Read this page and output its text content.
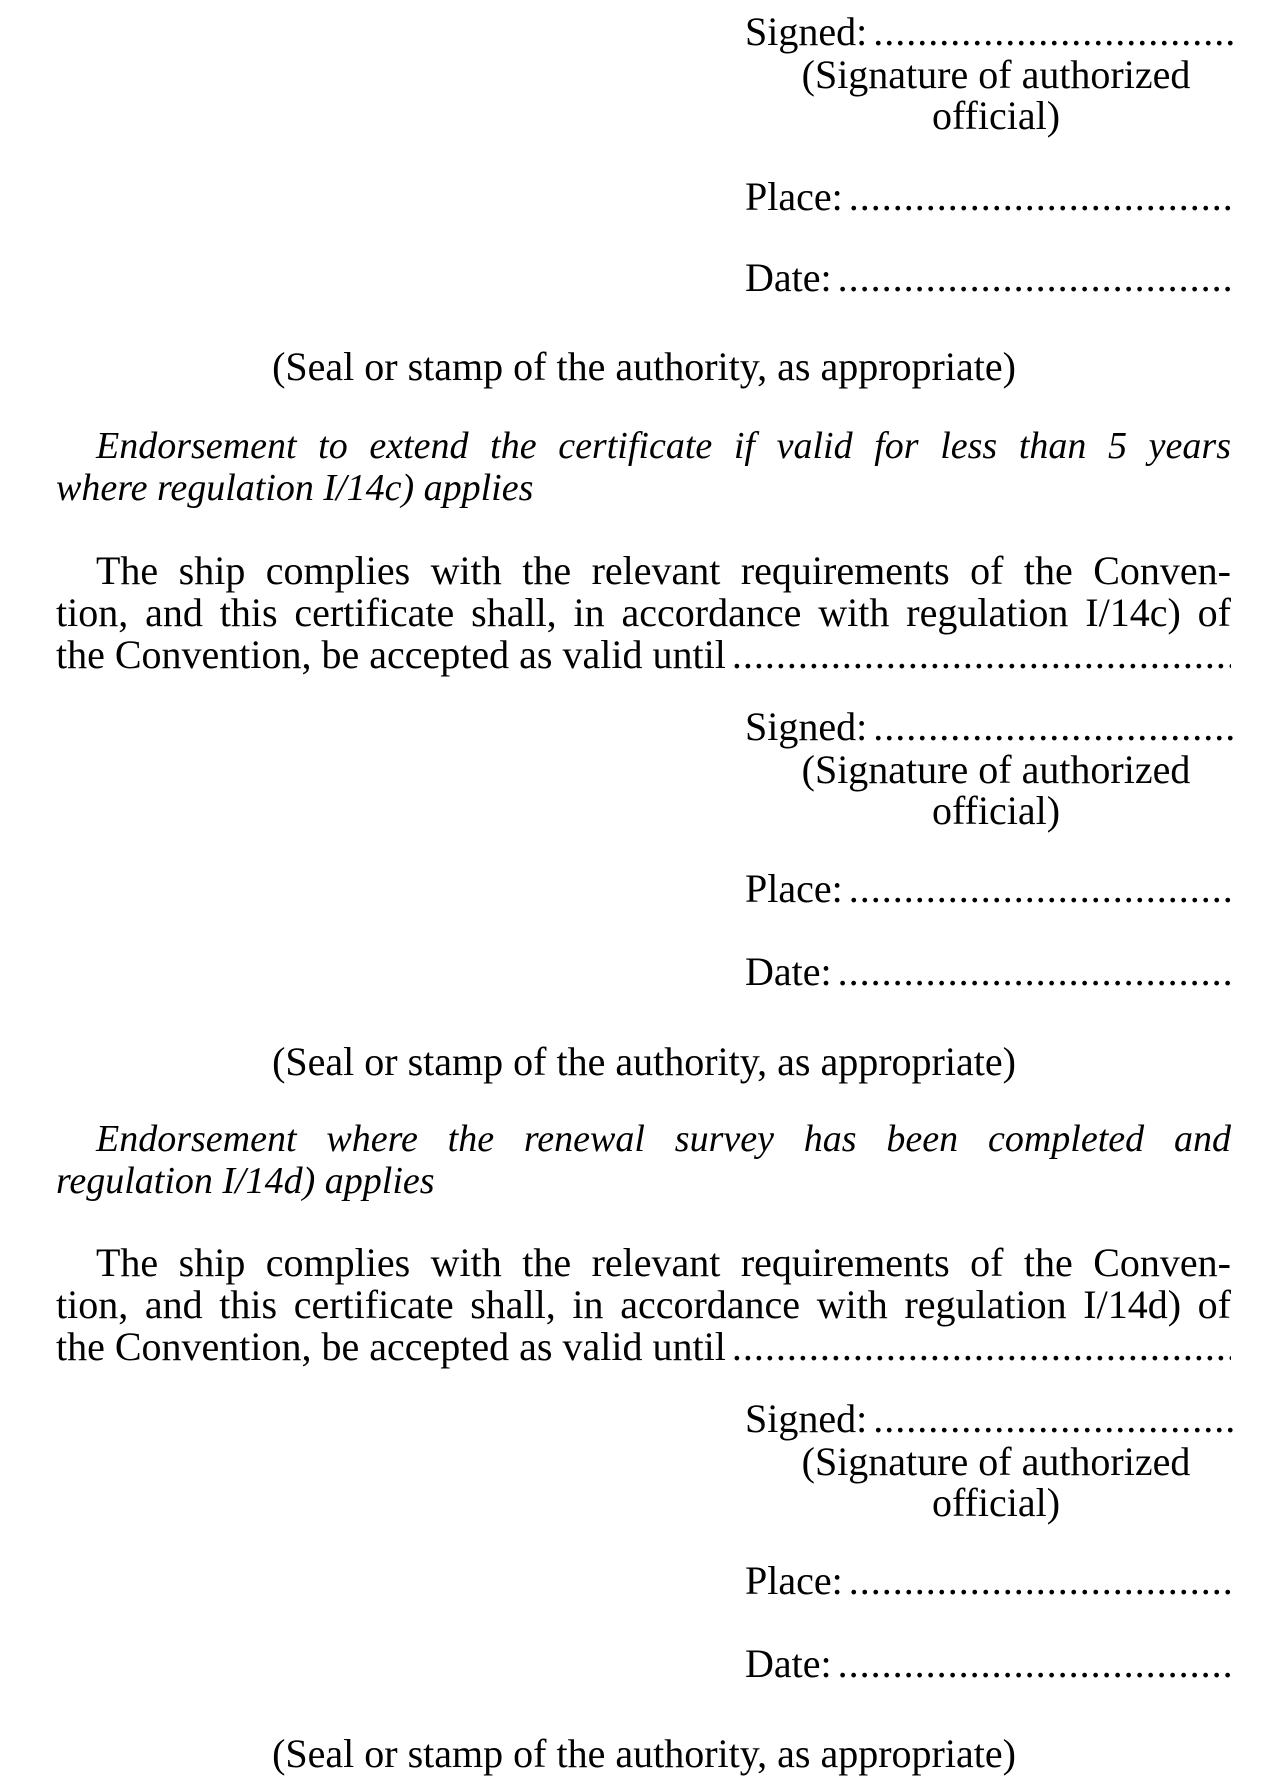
Signed:
.....
(Signature of authorized
official)
Place:
.....
Date:
.....
(Seal or stamp of the authority, as appropriate)
Endorsement to extend the certificate if valid for less than 5 years
where regulation I/14c) applies
The ship complies with the relevant requirements of the Conven-
tion, and this certificate shall, in accordance with regulation I/14c) of
the Convention, be accepted as valid until
.....
Signed:
.....
(Signature of authorized
official)
Place:
.....
Date:
.....
(Seal or stamp of the authority, as appropriate)
Endorsement where the renewal survey has been completed and
regulation I/14d) applies
The ship complies with the relevant requirements of the Conven-
tion, and this certificate shall, in accordance with regulation I/14d) of
the Convention, be accepted as valid until
.....
Signed:
.....
(Signature of authorized
official)
Place:
.....
Date:
.....
(Seal or stamp of the authority, as appropriate)
